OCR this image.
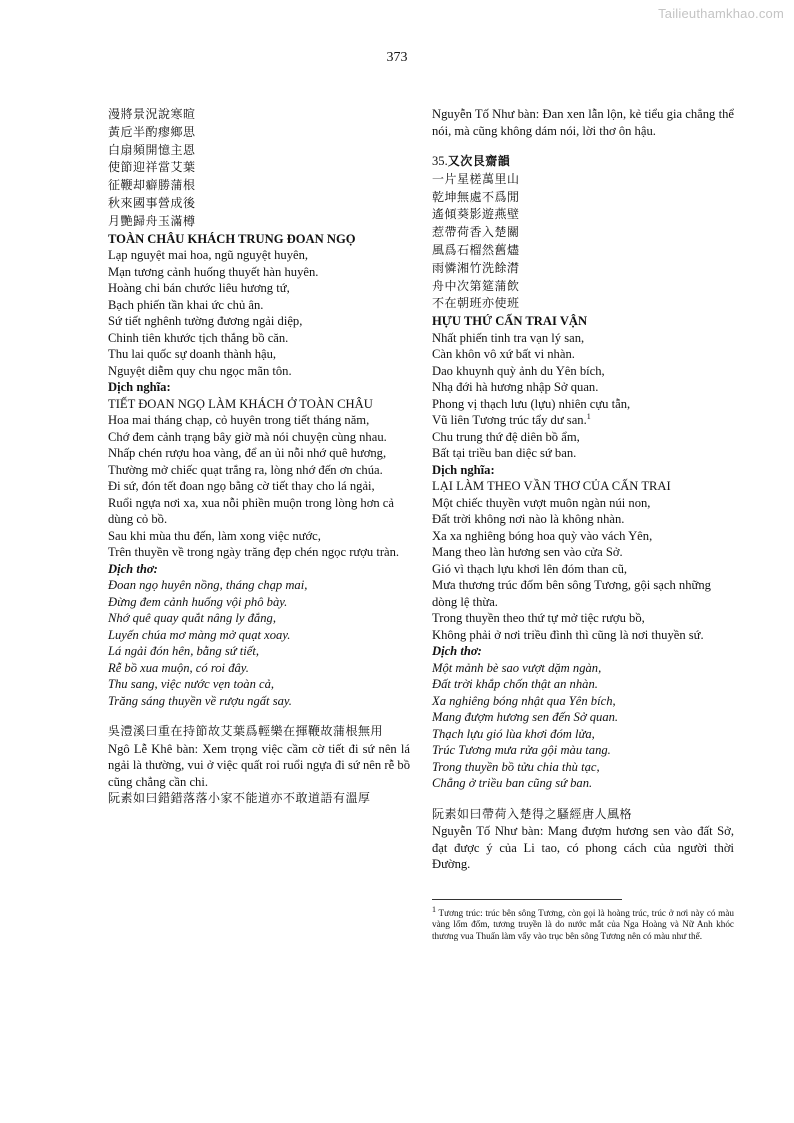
Tailieuthamkhao.com
373
漫將景況說寒暄
黃卮半酌瘳鄉思
白扇頻開憶主恩
使節迎祥當艾葉
征鞭却癖勝蒲根
秋來國事營成後
月艷歸舟玉滿樽
TOÀN CHÂU KHÁCH TRUNG ĐOAN NGỌ
Lạp nguyệt mai hoa, ngũ nguyệt huyên,
Mạn tương cảnh huống thuyết hàn huyên.
Hoàng chi bán chước liêu hương tứ,
Bạch phiến tần khai ức chủ ân.
Sứ tiết nghênh tường đương ngải diệp,
Chinh tiên khước tịch thắng bồ căn.
Thu lai quốc sự doanh thành hậu,
Nguyệt diễm quy chu ngọc mãn tôn.
Dịch nghĩa:
TIẾT ĐOAN NGỌ LÀM KHÁCH Ở TOÀN CHÂU
Hoa mai tháng chạp, cỏ huyên trong tiết tháng năm,
Chớ đem cảnh trạng bây giờ mà nói chuyện cùng nhau.
Nhấp chén rượu hoa vàng, để an ủi nỗi nhớ quê hương,
Thường mở chiếc quạt trắng ra, lòng nhớ đến ơn chúa.
Đi sứ, đón tết đoan ngọ bằng cờ tiết thay cho lá ngải,
Ruổi ngựa nơi xa, xua nỗi phiền muộn trong lòng hơn cả dùng cỏ bồ.
Sau khi mùa thu đến, làm xong việc nước,
Trên thuyền về trong ngày trăng đẹp chén ngọc rượu tràn.
Dịch thơ:
Đoan ngọ huyên nồng, tháng chạp mai,
Đừng đem cảnh huống vội phô bày.
Nhớ quê quay quắt nâng ly đắng,
Luyến chúa mơ màng mở quạt xoay.
Lá ngải đón hên, bằng sứ tiết,
Rễ bồ xua muộn, có roi đây.
Thu sang, việc nước vẹn toàn cả,
Trăng sáng thuyền về rượu ngất say.
吳澧溪曰重在持節故艾葉爲輕樂在揮鞭故蒲根無用
Ngô Lễ Khê bàn: Xem trọng việc cầm cờ tiết đi sứ nên lá ngải là thường, vui ở việc quất roi ruổi ngựa đi sứ nên rễ bồ cũng chẳng cần chi.
阮素如曰錯錯落落小家不能道亦不敢道語有溫厚
Nguyễn Tố Như bàn: Đan xen lẫn lộn, kẻ tiểu gia chẳng thể nói, mà cũng không dám nói, lời thơ ôn hậu.
35.又次艮齋韻
一片星槎萬里山
乾坤無處不爲閒
遙傾葵影遊燕壁
惹帶荷香入楚關
風爲石榴然舊燼
雨憐湘竹洗餘潸
舟中次第筵蒲飲
不在朝班亦使班
HỰU THỨ CẤN TRAI VẬN
Nhất phiến tinh tra vạn lý san,
Càn khôn vô xứ bất vi nhàn.
Dao khuynh quỳ ảnh du Yên bích,
Nhạ đới hà hương nhập Sở quan.
Phong vị thạch lưu (lựu) nhiên cựu tẫn,
Vũ liên Tương trúc tẩy dư san.$^1$
Chu trung thứ đệ diên bồ ẩm,
Bất tại triều ban diệc sứ ban.
Dịch nghĩa:
LẠI LÀM THEO VẦN THƠ CỦA CẤN TRAI
Một chiếc thuyền vượt muôn ngàn núi non,
Đất trời không nơi nào là không nhàn.
Xa xa nghiêng bóng hoa quỳ vào vách Yên,
Mang theo làn hương sen vào cửa Sở.
Gió vì thạch lựu khơi lên đóm than cũ,
Mưa thương trúc đốm bên sông Tương, gội sạch những dòng lệ thừa.
Trong thuyền theo thứ tự mở tiệc rượu bồ,
Không phải ở nơi triều đình thì cũng là nơi thuyền sứ.
Dịch thơ:
Một mảnh bè sao vượt dặm ngàn,
Đất trời khắp chốn thật an nhàn.
Xa nghiêng bóng nhật qua Yên bích,
Mang đượm hương sen đến Sở quan.
Thạch lựu gió lùa khơi đóm lửa,
Trúc Tương mưa rửa gội màu tang.
Trong thuyền bồ tửu chia thù tạc,
Chẳng ở triều ban cũng sứ ban.
阮素如曰帶荷入楚得之騷經唐人風格
Nguyễn Tố Như bàn: Mang đượm hương sen vào đất Sở, đạt được ý của Li tao, có phong cách của người thời Đường.
$^1$ Tương trúc: trúc bên sông Tương, còn gọi là hoàng trúc, trúc ở nơi này có màu vàng lốm đốm, tương truyền là do nước mắt của Nga Hoàng và Nữ Anh khóc thương vua Thuấn làm vẩy vào trục bên sông Tương nên có màu như thế.
